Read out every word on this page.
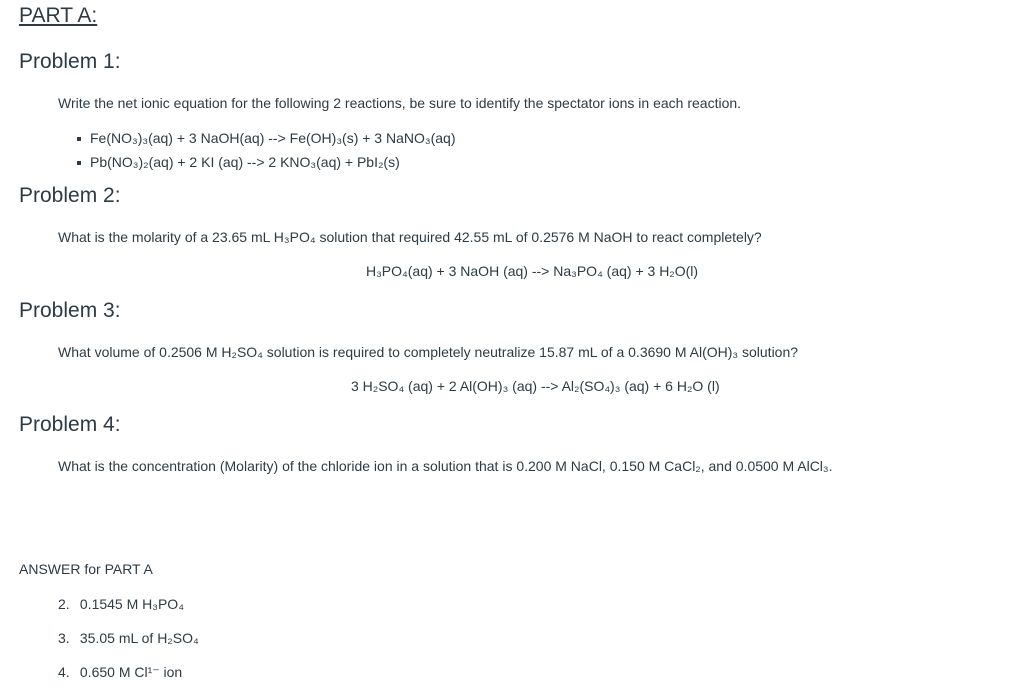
PART A:
Problem 1:

Write the net ionic equation for the following 2 reactions, be sure to identify the spectator ions in each reaction.

Fe(NO₃)₃(aq) + 3 NaOH(aq) --> Fe(OH)₃(s) + 3 NaNO₃(aq)
Pb(NO₃)₂(aq) + 2 KI (aq) --> 2 KNO₃(aq) + PbI₂(s)
Problem 2:

What is the molarity of a 23.65 mL H₃PO₄ solution that required 42.55 mL of 0.2576 M NaOH to react completely?

H₃PO₄(aq) + 3 NaOH (aq) --> Na₃PO₄ (aq) + 3 H₂O(l)

Problem 3:

What volume of 0.2506 M H₂SO₄ solution is required to completely neutralize 15.87 mL of a 0.3690 M Al(OH)₃ solution?

3 H₂SO₄ (aq) + 2 Al(OH)₃ (aq) --> Al₂(SO₄)₃ (aq) + 6 H₂O (l)

Problem 4:

What is the concentration (Molarity) of the chloride ion in a solution that is 0.200 M NaCl, 0.150 M CaCl₂, and 0.0500 M AlCl₃.

ANSWER for PART A

2. 0.1545 M H₃PO₄
3. 35.05 mL of H₂SO₄
4. 0.650 M Cl¹⁻ ion
